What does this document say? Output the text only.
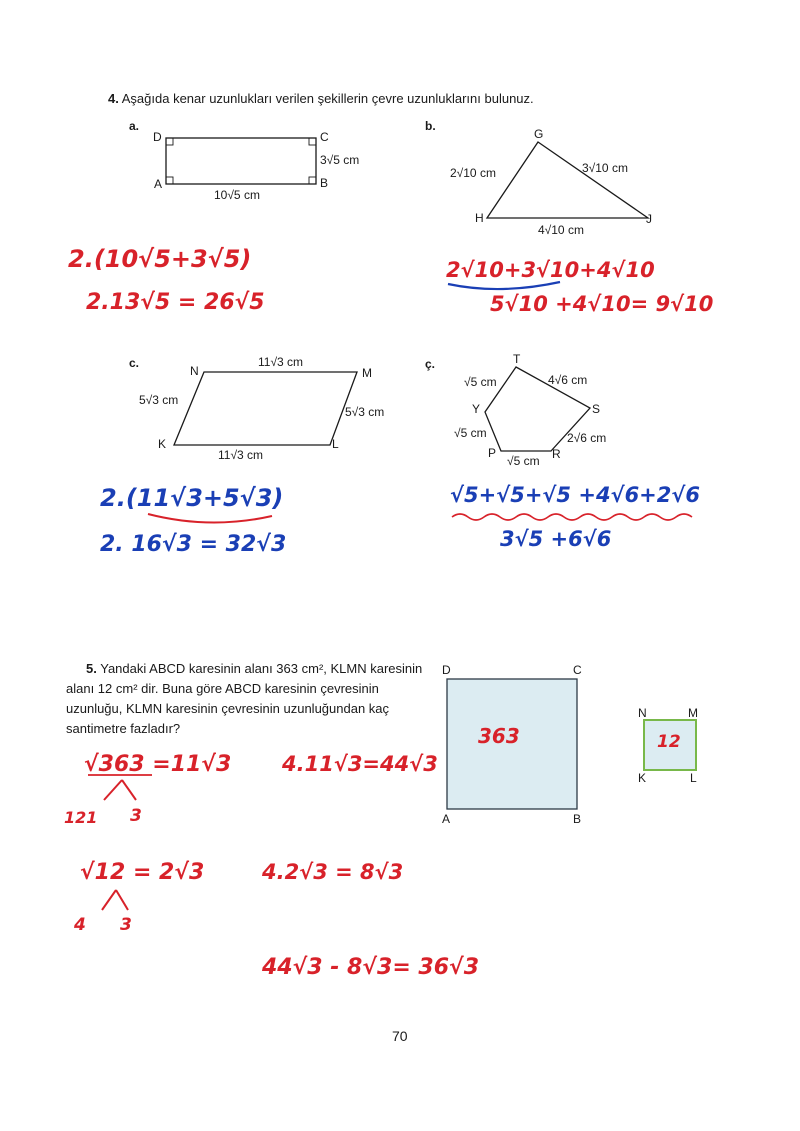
4. Aşağıda kenar uzunlukları verilen şekillerin çevre uzunluklarını bulunuz.
a.
D	C
A	B
3√5 cm
10√5 cm
b.
G
H	J
2√10 cm	3√10 cm
4√10 cm
2.(10√5+3√5)
2.13√5 = 26√5
2√10+3√10+4√10
5√10 +4√10= 9√10
c.
N	M
K	L
11√3 cm
5√3 cm
5√3 cm
11√3 cm
ç.	T
S
R
P
Y
√5 cm	4√6 cm
√5 cm	2√6 cm
√5 cm
2.(11√3+5√3)
2. 16√3 = 32√3
√5+√5+√5 +4√6+2√6
3√5 +6√6
5. Yandaki ABCD karesinin alanı 363 cm², KLMN karesinin alanı 12 cm² dir. Buna göre ABCD karesinin çevresinin uzunluğu, KLMN karesinin çevresinin uzunluğundan kaç santimetre fazladır?
D	C
A	B
363
N	M
K	L
12
√363 =11√3 4.11√3=44√3
121 3
√12 = 2√3	4.2√3 = 8√3
4 3
44√3 - 8√3= 36√3
70
